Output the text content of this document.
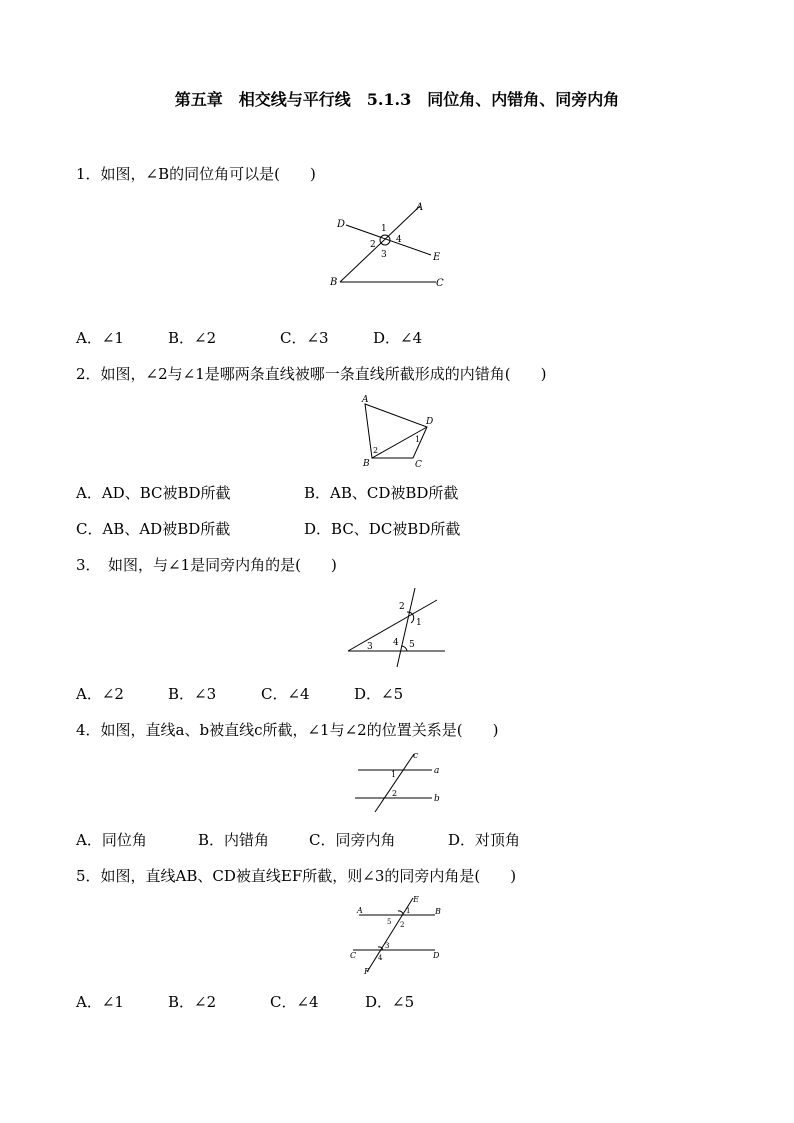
第五章　相交线与平行线　5.1.3　同位角、内错角、同旁内角
1．如图，∠B的同位角可以是(　　)
D
A
E
B	C
1
2 4
3
A．∠1	B．∠2	C．∠3	D．∠4
2．如图，∠2与∠1是哪两条直线被哪一条直线所截形成的内错角(　　)
A
D
B	C
1
2
A．AD、BC被BD所截	B．AB、CD被BD所截
C．AB、AD被BD所截	D．BC、DC被BD所截
3．　如图，与∠1是同旁内角的是(　　)
2
1
4 5
3
A．∠2	B．∠3	C．∠4	D．∠5
4．如图，直线a、b被直线c所截，∠1与∠2的位置关系是(　　)
c
a
b
1
2
A．同位角	B．内错角	C．同旁内角	D．对顶角
5．如图，直线AB、CD被直线EF所截，则∠3的同旁内角是(　　)
E
A	B
C	D
F
1
5 2
3
4
A．∠1	B．∠2	C．∠4	D．∠5
